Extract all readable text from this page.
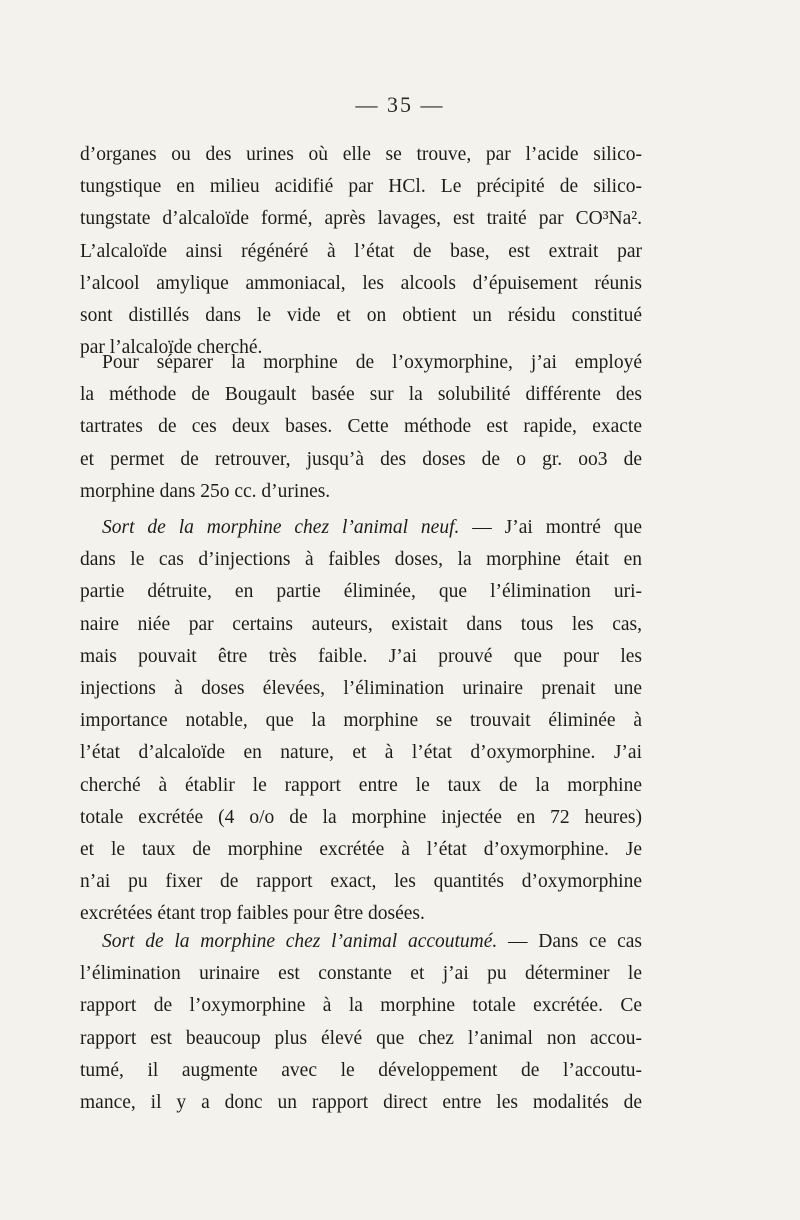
— 35 —
d’organes ou des urines où elle se trouve, par l’acide silico-
tungstique en milieu acidifié par HCl. Le précipité de silico-
tungstate d’alcaloïde formé, après lavages, est traité par CO³Na².
L’alcaloïde ainsi régénéré à l’état de base, est extrait par
l’alcool amylique ammoniacal, les alcools d’épuisement réunis
sont distillés dans le vide et on obtient un résidu constitué
par l’alcaloïde cherché.
Pour séparer la morphine de l’oxymorphine, j’ai employé
la méthode de Bougault basée sur la solubilité différente des
tartrates de ces deux bases. Cette méthode est rapide, exacte
et permet de retrouver, jusqu’à des doses de o gr. oo3 de
morphine dans 25o cc. d’urines.
Sort de la morphine chez l’animal neuf. — J’ai montré que
dans le cas d’injections à faibles doses, la morphine était en
partie détruite, en partie éliminée, que l’élimination uri-
naire niée par certains auteurs, existait dans tous les cas,
mais pouvait être très faible. J’ai prouvé que pour les
injections à doses élevées, l’élimination urinaire prenait une
importance notable, que la morphine se trouvait éliminée à
l’état d’alcaloïde en nature, et à l’état d’oxymorphine. J’ai
cherché à établir le rapport entre le taux de la morphine
totale excrétée (4 o/o de la morphine injectée en 72 heures)
et le taux de morphine excrétée à l’état d’oxymorphine. Je
n’ai pu fixer de rapport exact, les quantités d’oxymorphine
excrétées étant trop faibles pour être dosées.
Sort de la morphine chez l’animal accoutumé. — Dans ce cas
l’élimination urinaire est constante et j’ai pu déterminer le
rapport de l’oxymorphine à la morphine totale excrétée. Ce
rapport est beaucoup plus élevé que chez l’animal non accou-
tumé, il augmente avec le développement de l’accoutu-
mance, il y a donc un rapport direct entre les modalités de
